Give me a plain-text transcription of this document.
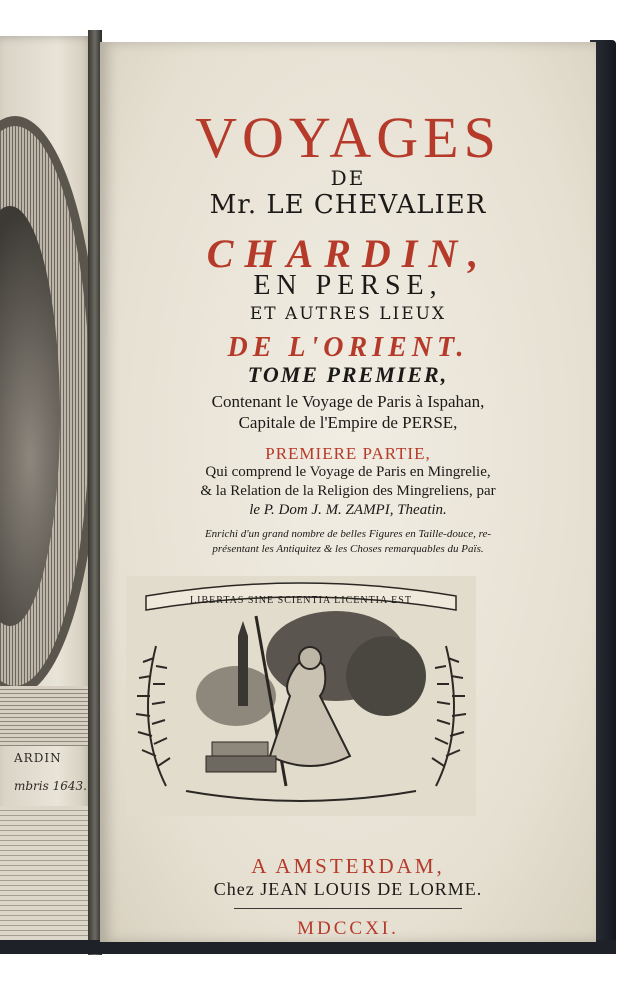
ARDIN
mbris 1643.
VOYAGES
DE
Mr. LE CHEVALIER
CHARDIN,
EN PERSE,
ET AUTRES LIEUX
DE L'ORIENT.
TOME PREMIER,
Contenant le Voyage de Paris à Ispahan,
Capitale de l'Empire de PERSE,
PREMIERE PARTIE,
Qui comprend le Voyage de Paris en Mingrelie,
& la Relation de la Religion des Mingreliens, par
le P. Dom J. M. ZAMPI, Theatin.
Enrichi d'un grand nombre de belles Figures en Taille-douce, re-
présentant les Antiquitez & les Choses remarquables du Païs.
LIBERTAS SINE SCIENTIA LICENTIA EST
A AMSTERDAM,
Chez JEAN LOUIS DE LORME.
MDCCXI.
